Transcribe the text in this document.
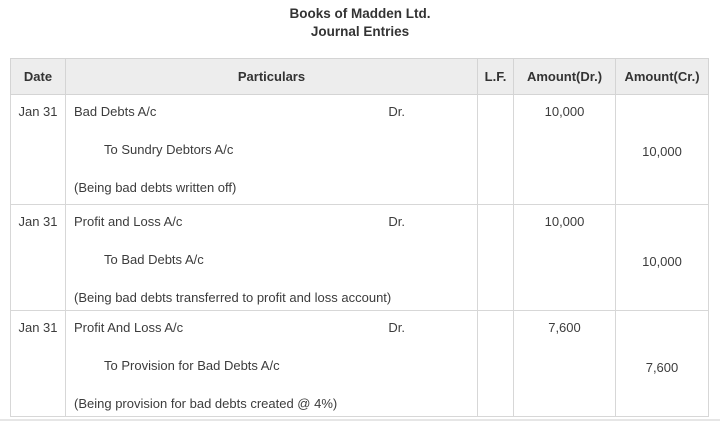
Books of Madden Ltd.
Journal Entries
Date	Particulars	L.F.	Amount(Dr.)	Amount(Cr.)
Jan 31	Bad Debts A/c Dr.
To Sundry Debtors A/c
(Being bad debts written off)		10,000	10,000
Jan 31	Profit and Loss A/c Dr.
To Bad Debts A/c
(Being bad debts transferred to profit and loss account)		10,000	10,000
Jan 31	Profit And Loss A/c Dr.
To Provision for Bad Debts A/c
(Being provision for bad debts created @ 4%)		7,600	7,600
